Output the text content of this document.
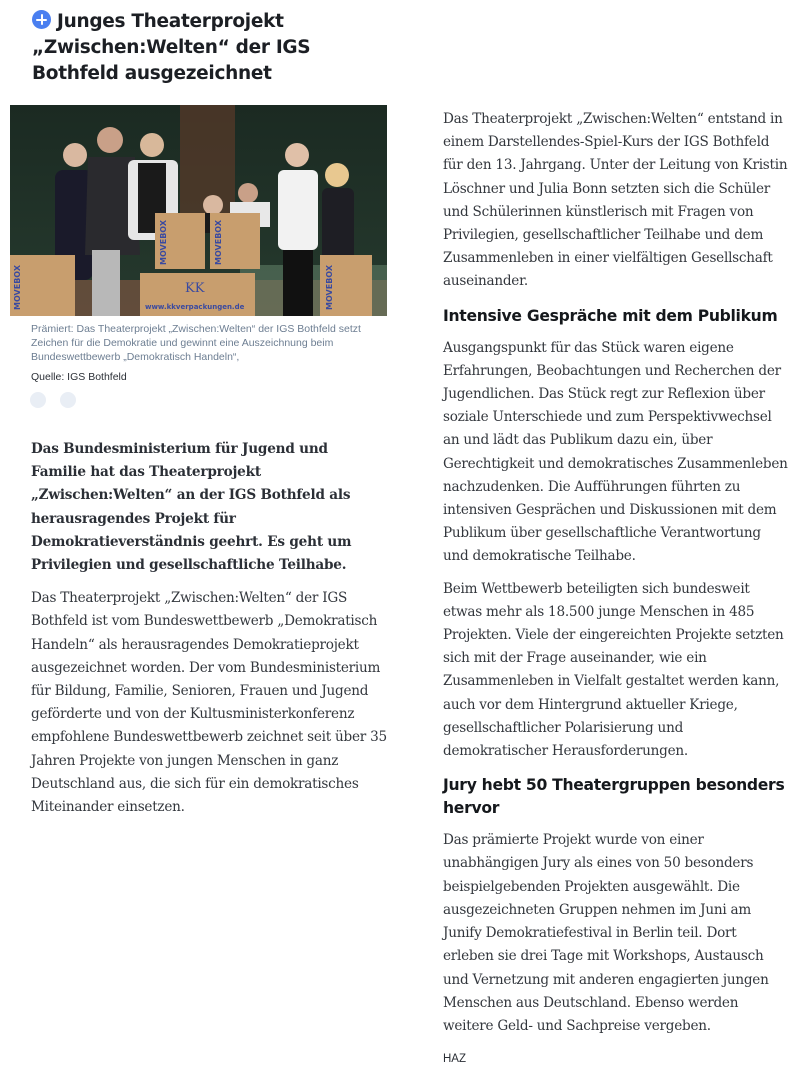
Junges Theaterprojekt „Zwischen:Welten“ der IGS Bothfeld ausgezeichnet
MOVEBOX	MOVEBOX
KK
www.kkverpackungen.de
MOVEBOX	MOVEBOX

Prämiert: Das Theaterprojekt „Zwischen:Welten“ der IGS Bothfeld setzt Zeichen für die Demokratie und gewinnt eine Auszeichnung beim Bundeswettbewerb „Demokratisch Handeln“,

Quelle: IGS Bothfeld

Das Bundesministerium für Jugend und Familie hat das Theaterprojekt „Zwischen:Welten“ an der IGS Bothfeld als herausragendes Projekt für Demokratieverständnis geehrt. Es geht um Privilegien und gesellschaftliche Teilhabe.

Das Theaterprojekt „Zwischen:Welten“ der IGS Bothfeld ist vom Bundeswettbewerb „Demokratisch Handeln“ als herausragendes Demokratieprojekt ausgezeichnet worden. Der vom Bundesministerium für Bildung, Familie, Senioren, Frauen und Jugend geförderte und von der Kultusministerkonferenz empfohlene Bundeswettbewerb zeichnet seit über 35 Jahren Projekte von jungen Menschen in ganz Deutschland aus, die sich für ein demokratisches Miteinander einsetzen.

Das Theaterprojekt „Zwischen:Welten“ entstand in einem Darstellendes-Spiel-Kurs der IGS Bothfeld für den 13. Jahrgang. Unter der Leitung von Kristin Löschner und Julia Bonn setzten sich die Schüler und Schülerinnen künstlerisch mit Fragen von Privilegien, gesellschaftlicher Teilhabe und dem Zusammenleben in einer vielfältigen Gesellschaft auseinander.

Intensive Gespräche mit dem Publikum

Ausgangspunkt für das Stück waren eigene Erfahrungen, Beobachtungen und Recherchen der Jugendlichen. Das Stück regt zur Reflexion über soziale Unterschiede und zum Perspektivwechsel an und lädt das Publikum dazu ein, über Gerechtigkeit und demokratisches Zusammenleben nachzudenken. Die Aufführungen führten zu intensiven Gesprächen und Diskussionen mit dem Publikum über gesellschaftliche Verantwortung und demokratische Teilhabe.

Beim Wettbewerb beteiligten sich bundesweit etwas mehr als 18.500 junge Menschen in 485 Projekten. Viele der eingereichten Projekte setzten sich mit der Frage auseinander, wie ein Zusammenleben in Vielfalt gestaltet werden kann, auch vor dem Hintergrund aktueller Kriege, gesellschaftlicher Polarisierung und demokratischer Herausforderungen.

Jury hebt 50 Theatergruppen besonders hervor

Das prämierte Projekt wurde von einer unabhängigen Jury als eines von 50 besonders beispielgebenden Projekten ausgewählt. Die ausgezeichneten Gruppen nehmen im Juni am Junify Demokratiefestival in Berlin teil. Dort erleben sie drei Tage mit Workshops, Austausch und Vernetzung mit anderen engagierten jungen Menschen aus Deutschland. Ebenso werden weitere Geld- und Sachpreise vergeben.

HAZ
